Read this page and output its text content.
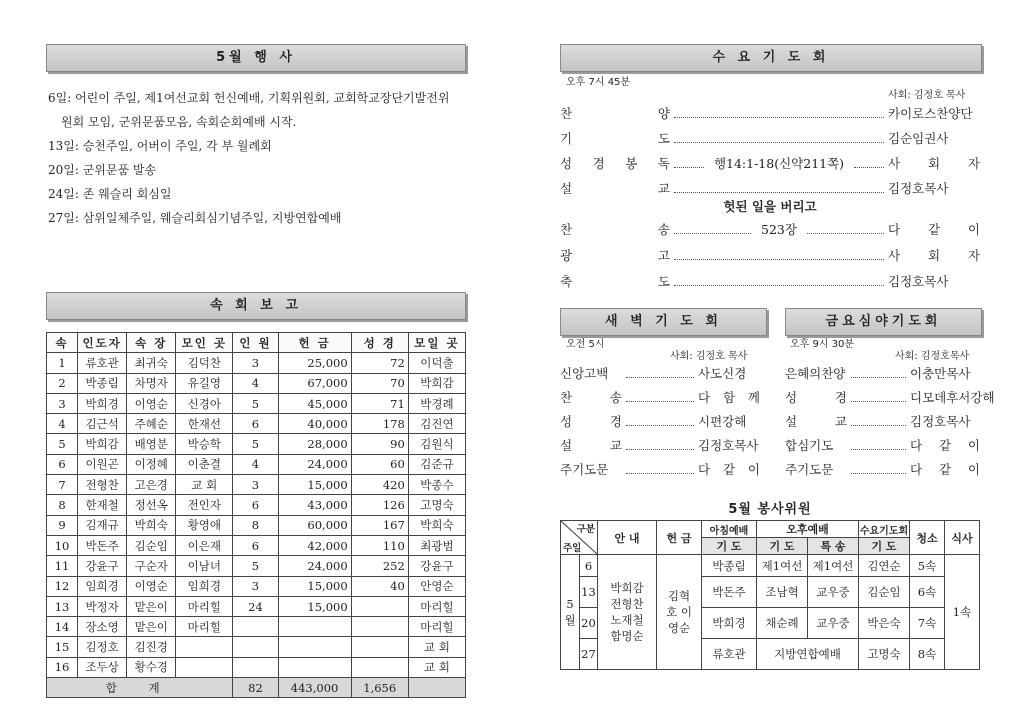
5월 행 사
6일: 어린이 주일, 제1여선교회 헌신예배, 기획위원회, 교회학교장단기발전위
원회 모임, 군위문품모음, 속회순회예배 시작.
13일: 승천주일, 어버이 주일, 각 부 월례회
20일: 군위문품 발송
24일: 존 웨슬리 회심일
27일: 삼위일체주일, 웨슬리회심기념주일, 지방연합예배
속 회 보 고
속	인도자	속 장	모인 곳	인 원	헌 금	성 경	모일 곳
1	류호관	최귀숙	김덕찬	3	25,000	72	이덕출
2	박종림	차명자	유길영	4	67,000	70	박희감
3	박희경	이영순	신경아	5	45,000	71	박경례
4	김근석	주혜순	한재선	6	40,000	178	김진연
5	박희감	배영분	박승학	5	28,000	90	김원식
6	이원곤	이정혜	이춘결	4	24,000	60	김준규
7	전형찬	고은경	교 회	3	15,000	420	박종수
8	한재철	정선옥	전인자	6	43,000	126	고명숙
9	김재규	박희숙	황영애	8	60,000	167	박희숙
10	박돈주	김순임	이은재	6	42,000	110	최광범
11	강윤구	구순자	이남녀	5	24,000	252	강윤구
12	임희경	이영순	임희경	3	15,000	40	안영순
13	박정자	맡은이	마리힐	24	15,000		마리힐
14	장소영	맡은이	마리힐				마리힐
15	김정호	김진경					교 회
16	조두상	황수경					교 회
합 계				82	443,000	1,656	
수 요 기 도 회
오후 7시 45분
사회: 김정호 목사
찬 양	카이로스찬양단
기 도	김순임권사
성 경 봉 독	행14:1-18(신약211쪽)	사 회 자
설 교	김정호목사
헛된 일을 버리고
찬 송	523장	다 같 이
광 고	사 회 자
축 도	김정호목사
새 벽 기 도 회
오전 5시
사회: 김정호 목사
신앙고백	사도신경
찬 송	다 함 께
성 경	시편강해
설 교	김정호목사
주기도문	다 같 이
금요심야기도회
오후 9시 30분
사회: 김정호목사
은혜의찬양	이충만목사
성 경	디모데후서강해
설 교	김정호목사
합심기도	다 같 이
주기도문	다 같 이
5월 봉사위원
구분
주일		안 내	헌 금	아침예배	오후예배		수요기도회	청소	식사
				기 도	기 도	특 송	기 도		
5월	6	박희감 전형찬 노재철 함명순	김혁호 이영순	박종림	제1여선	제1여선	김연순	5속	1속
	13			박돈주	조남혁	교우중	김순임	6속	
	20			박희경	채순례	교우중	박은숙	7속	
	27			류호관	지방연합예배		고명숙	8속	
